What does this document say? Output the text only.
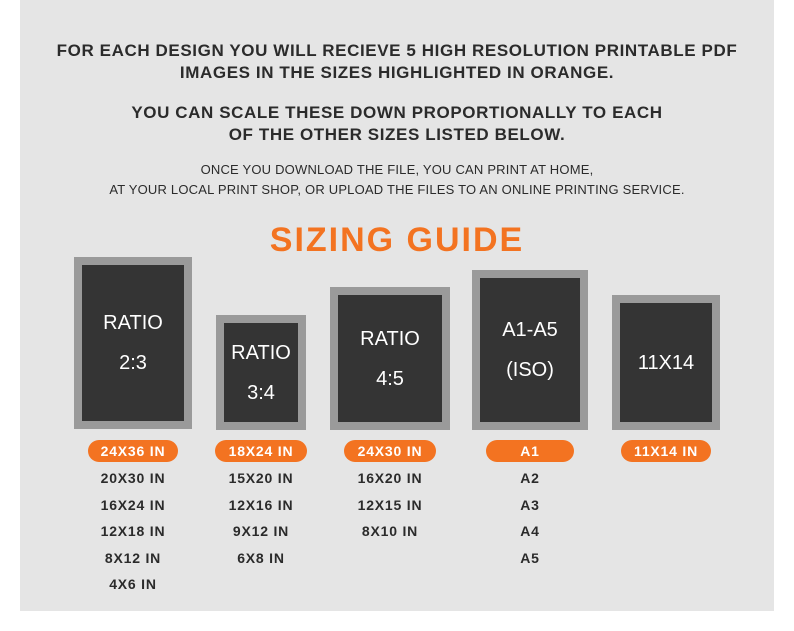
FOR EACH DESIGN YOU WILL RECIEVE 5 HIGH RESOLUTION PRINTABLE PDF
IMAGES IN THE SIZES HIGHLIGHTED IN ORANGE.

YOU CAN SCALE THESE DOWN PROPORTIONALLY TO EACH
OF THE OTHER SIZES LISTED BELOW.

ONCE YOU DOWNLOAD THE FILE, YOU CAN PRINT AT HOME,
AT YOUR LOCAL PRINT SHOP, OR UPLOAD THE FILES TO AN ONLINE PRINTING SERVICE.

SIZING GUIDE
RATIO
2:3
24X36 IN
20X30 IN
16X24 IN
12X18 IN
8X12 IN
4X6 IN
RATIO
3:4
18X24 IN
15X20 IN
12X16 IN
9X12 IN
6X8 IN
RATIO
4:5
24X30 IN
16X20 IN
12X15 IN
8X10 IN
A1-A5
(ISO)
A1
A2
A3
A4
A5
11X14
11X14 IN
